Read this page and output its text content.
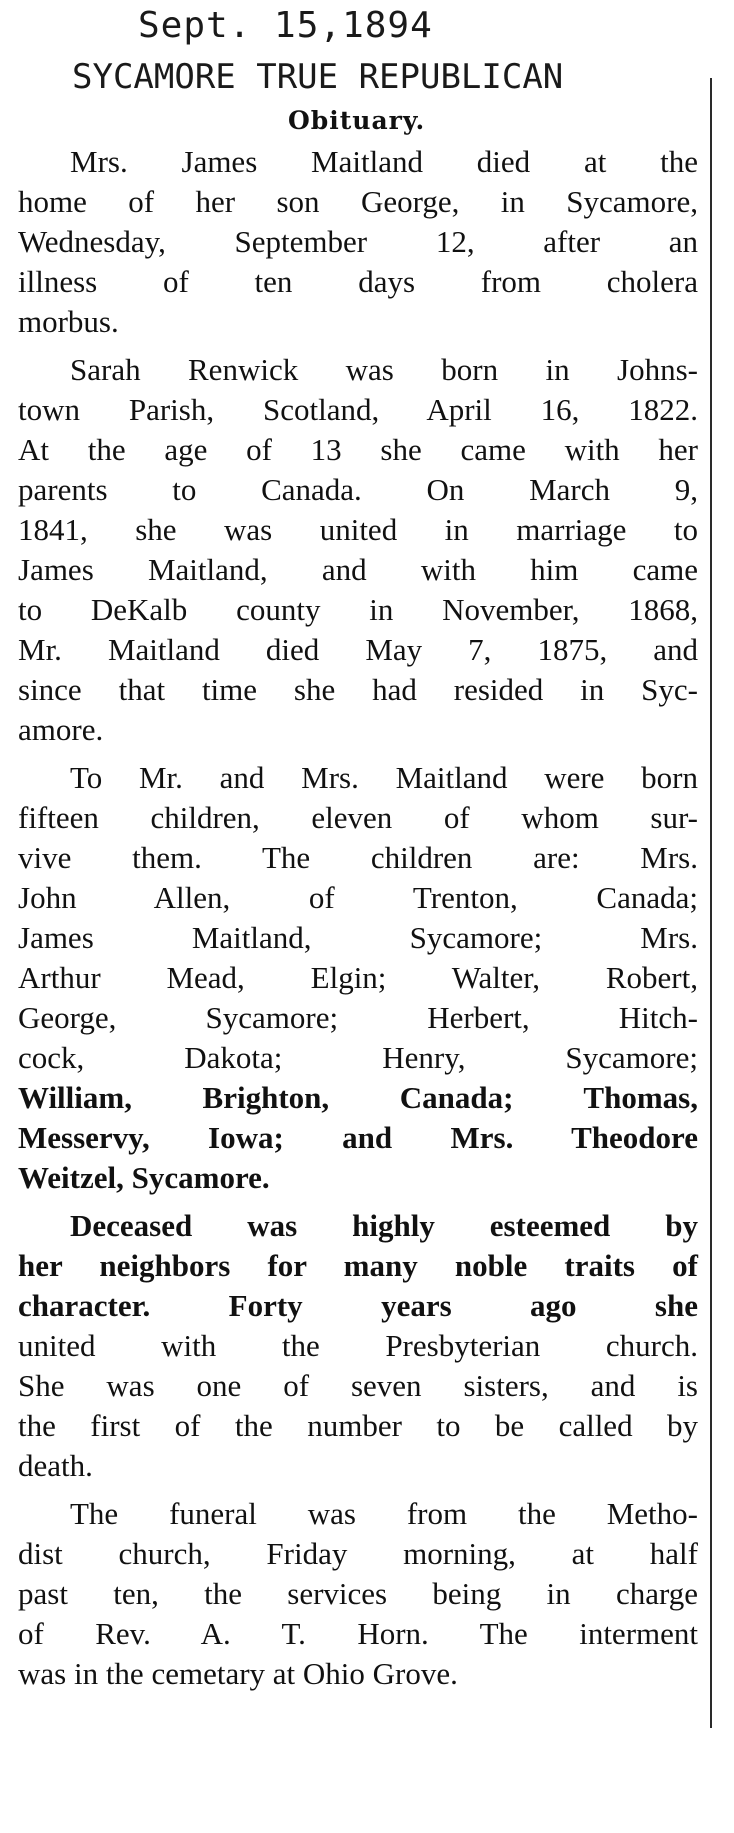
Sept. 15,1894
SYCAMORE TRUE REPUBLICAN
Obituary.

Mrs. James Maitland died at the
home of her son George, in Sycamore,
Wednesday, September 12, after an
illness of ten days from cholera
morbus.

Sarah Renwick was born in Johns-
town Parish, Scotland, April 16, 1822.
At the age of 13 she came with her
parents to Canada. On March 9,
1841, she was united in marriage to
James Maitland, and with him came
to DeKalb county in November, 1868,
Mr. Maitland died May 7, 1875, and
since that time she had resided in Syc-
amore.

To Mr. and Mrs. Maitland were born
fifteen children, eleven of whom sur-
vive them. The children are: Mrs.
John Allen, of Trenton, Canada;
James Maitland, Sycamore; Mrs.
Arthur Mead, Elgin; Walter, Robert,
George, Sycamore; Herbert, Hitch-
cock, Dakota; Henry, Sycamore;
William, Brighton, Canada; Thomas,
Messervy, Iowa; and Mrs. Theodore
Weitzel, Sycamore.

Deceased was highly esteemed by
her neighbors for many noble traits of
character. Forty years ago she
united with the Presbyterian church.
She was one of seven sisters, and is
the first of the number to be called by
death.

The funeral was from the Metho-
dist church, Friday morning, at half
past ten, the services being in charge
of Rev. A. T. Horn. The interment
was in the cemetary at Ohio Grove.
